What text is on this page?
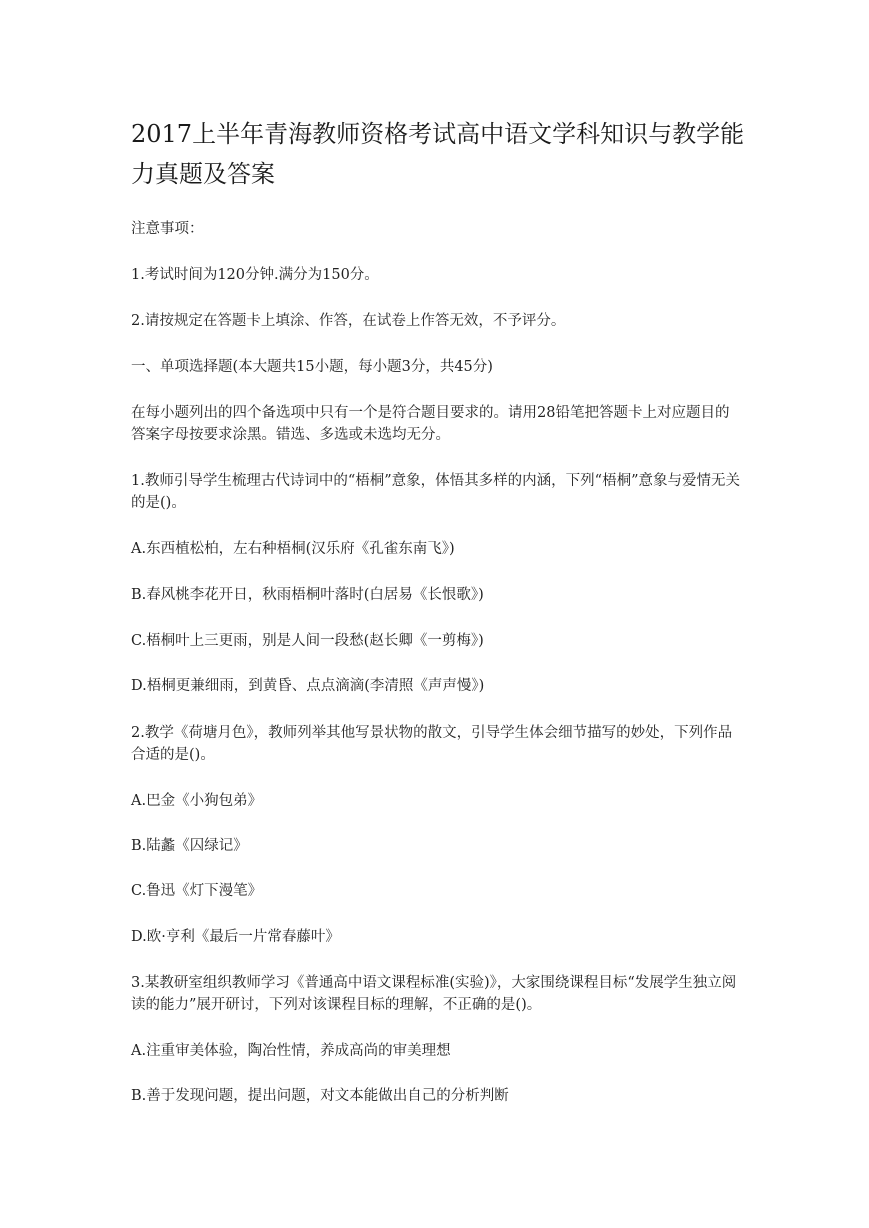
2017上半年青海教师资格考试高中语文学科知识与教学能力真题及答案

注意事项：

1.考试时间为120分钟.满分为150分。

2.请按规定在答题卡上填涂、作答，在试卷上作答无效，不予评分。

一、单项选择题(本大题共15小题，每小题3分，共45分)

在每小题列出的四个备选项中只有一个是符合题目要求的。请用28铅笔把答题卡上对应题目的答案字母按要求涂黑。错选、多选或未选均无分。

1.教师引导学生梳理古代诗词中的“梧桐”意象，体悟其多样的内涵，下列“梧桐”意象与爱情无关的是()。

A.东西植松柏，左右种梧桐(汉乐府《孔雀东南飞》)

B.春风桃李花开日，秋雨梧桐叶落时(白居易《长恨歌》)

C.梧桐叶上三更雨，别是人间一段愁(赵长卿《一剪梅》)

D.梧桐更兼细雨，到黄昏、点点滴滴(李清照《声声慢》)

2.教学《荷塘月色》，教师列举其他写景状物的散文，引导学生体会细节描写的妙处，下列作品合适的是()。

A.巴金《小狗包弟》

B.陆蠡《囚绿记》

C.鲁迅《灯下漫笔》

D.欧·亨利《最后一片常春藤叶》

3.某教研室组织教师学习《普通高中语文课程标准(实验)》，大家围绕课程目标“发展学生独立阅读的能力”展开研讨，下列对该课程目标的理解，不正确的是()。

A.注重审美体验，陶冶性情，养成高尚的审美理想

B.善于发现问题，提出问题，对文本能做出自己的分析判断
